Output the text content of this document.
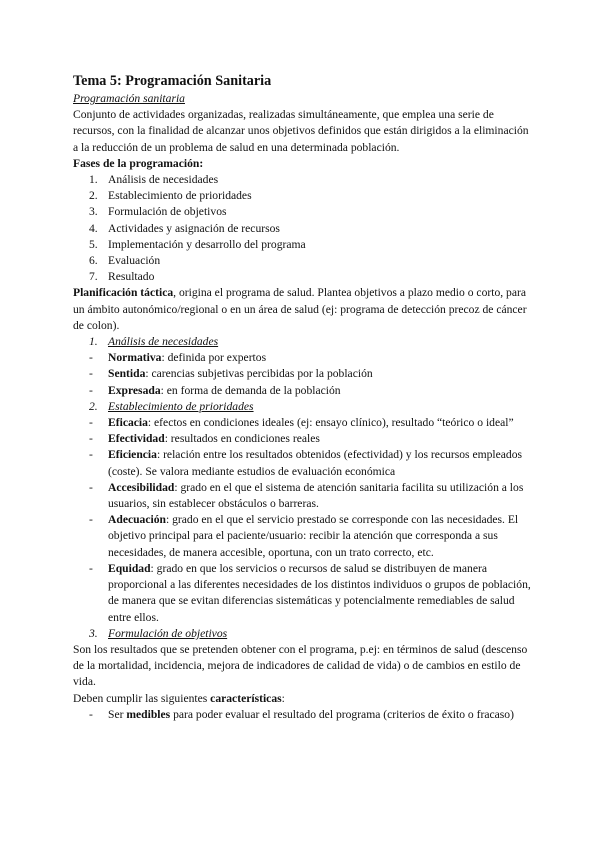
Tema 5: Programación Sanitaria
Programación sanitaria

Conjunto de actividades organizadas, realizadas simultáneamente, que emplea una serie de recursos, con la finalidad de alcanzar unos objetivos definidos que están dirigidos a la eliminación a la reducción de un problema de salud en una determinada población.

Fases de la programación:
1. Análisis de necesidades
2. Establecimiento de prioridades
3. Formulación de objetivos
4. Actividades y asignación de recursos
5. Implementación y desarrollo del programa
6. Evaluación
7. Resultado

Planificación táctica, origina el programa de salud. Plantea objetivos a plazo medio o corto, para un ámbito autonómico/regional o en un área de salud (ej: programa de detección precoz de cáncer de colon).

1. Análisis de necesidades
- Normativa: definida por expertos
- Sentida: carencias subjetivas percibidas por la población
- Expresada: en forma de demanda de la población
2. Establecimiento de prioridades
- Eficacia: efectos en condiciones ideales (ej: ensayo clínico), resultado “teórico o ideal”
- Efectividad: resultados en condiciones reales
- Eficiencia: relación entre los resultados obtenidos (efectividad) y los recursos empleados (coste). Se valora mediante estudios de evaluación económica
- Accesibilidad: grado en el que el sistema de atención sanitaria facilita su utilización a los usuarios, sin establecer obstáculos o barreras.
- Adecuación: grado en el que el servicio prestado se corresponde con las necesidades. El objetivo principal para el paciente/usuario: recibir la atención que corresponda a sus necesidades, de manera accesible, oportuna, con un trato correcto, etc.
- Equidad: grado en que los servicios o recursos de salud se distribuyen de manera proporcional a las diferentes necesidades de los distintos individuos o grupos de población, de manera que se evitan diferencias sistemáticas y potencialmente remediables de salud entre ellos.
3. Formulación de objetivos

Son los resultados que se pretenden obtener con el programa, p.ej: en términos de salud (descenso de la mortalidad, incidencia, mejora de indicadores de calidad de vida) o de cambios en estilo de vida.

Deben cumplir las siguientes características:

- Ser medibles para poder evaluar el resultado del programa (criterios de éxito o fracaso)
